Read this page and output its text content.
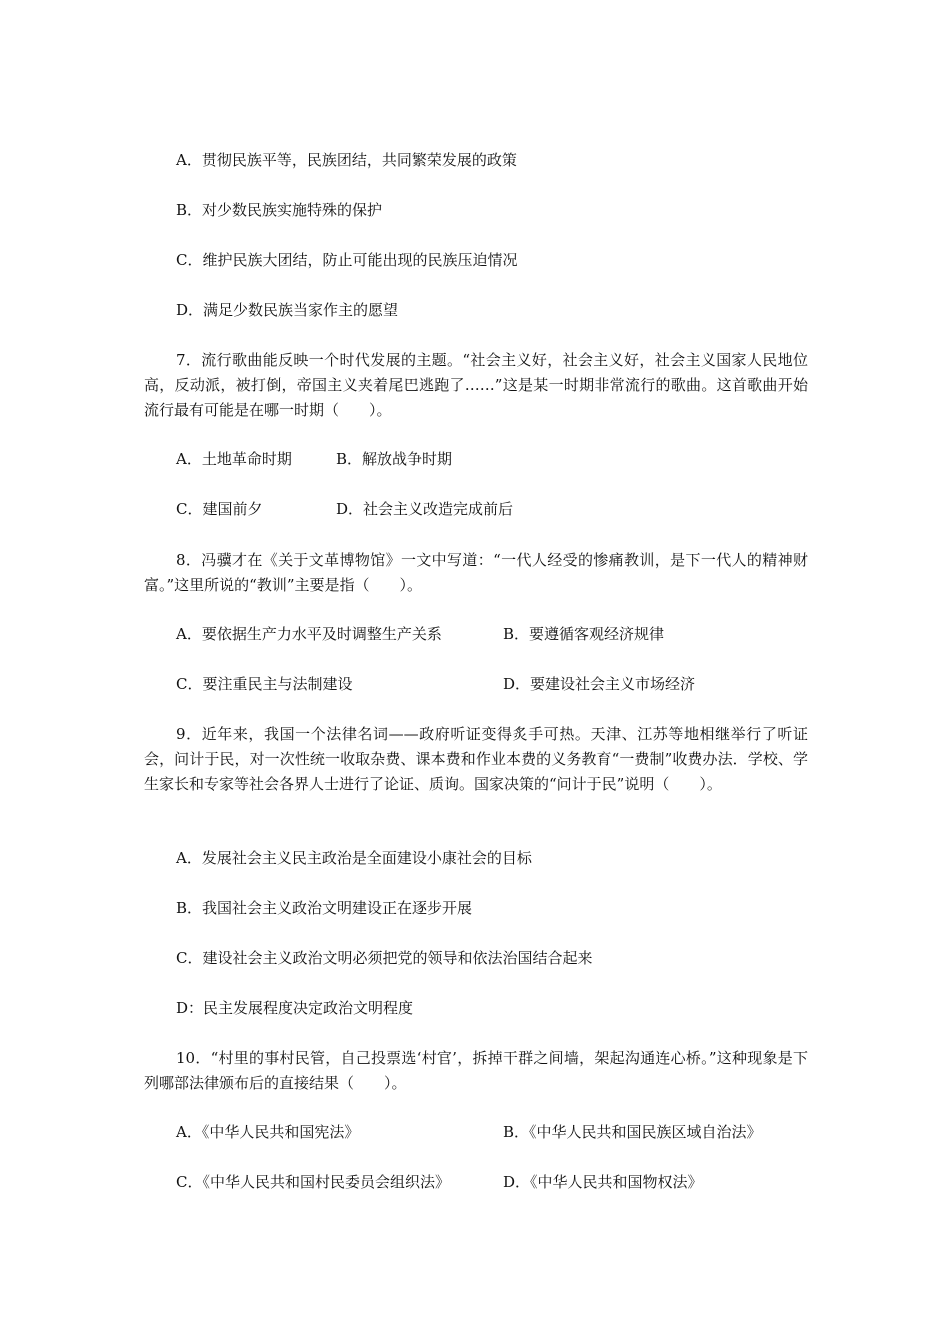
A．贯彻民族平等，民族团结，共同繁荣发展的政策
B．对少数民族实施特殊的保护
C．维护民族大团结，防止可能出现的民族压迫情况
D．满足少数民族当家作主的愿望
7．流行歌曲能反映一个时代发展的主题。“社会主义好，社会主义好，社会主义国家人民地位高，反动派，被打倒，帝国主义夹着尾巴逃跑了……”这是某一时期非常流行的歌曲。这首歌曲开始流行最有可能是在哪一时期（　　）。
A．土地革命时期	B．解放战争时期
C．建国前夕	D．社会主义改造完成前后
8．冯骥才在《关于文革博物馆》一文中写道：“一代人经受的惨痛教训，是下一代人的精神财富。”这里所说的“教训”主要是指（　　）。
A．要依据生产力水平及时调整生产关系	B．要遵循客观经济规律
C．要注重民主与法制建设	D．要建设社会主义市场经济
9．近年来，我国一个法律名词——政府听证变得炙手可热。天津、江苏等地相继举行了听证会，问计于民，对一次性统一收取杂费、课本费和作业本费的义务教育“一费制”收费办法．学校、学生家长和专家等社会各界人士进行了论证、质询。国家决策的“问计于民”说明（　　）。
A．发展社会主义民主政治是全面建设小康社会的目标
B．我国社会主义政治文明建设正在逐步开展
C．建设社会主义政治文明必须把党的领导和依法治国结合起来
D：民主发展程度决定政治文明程度
10．“村里的事村民管，自己投票选‘村官’，拆掉干群之间墙，架起沟通连心桥。”这种现象是下列哪部法律颁布后的直接结果（　　）。
A．《中华人民共和国宪法》	B．《中华人民共和国民族区域自治法》
C．《中华人民共和国村民委员会组织法》	D．《中华人民共和国物权法》
